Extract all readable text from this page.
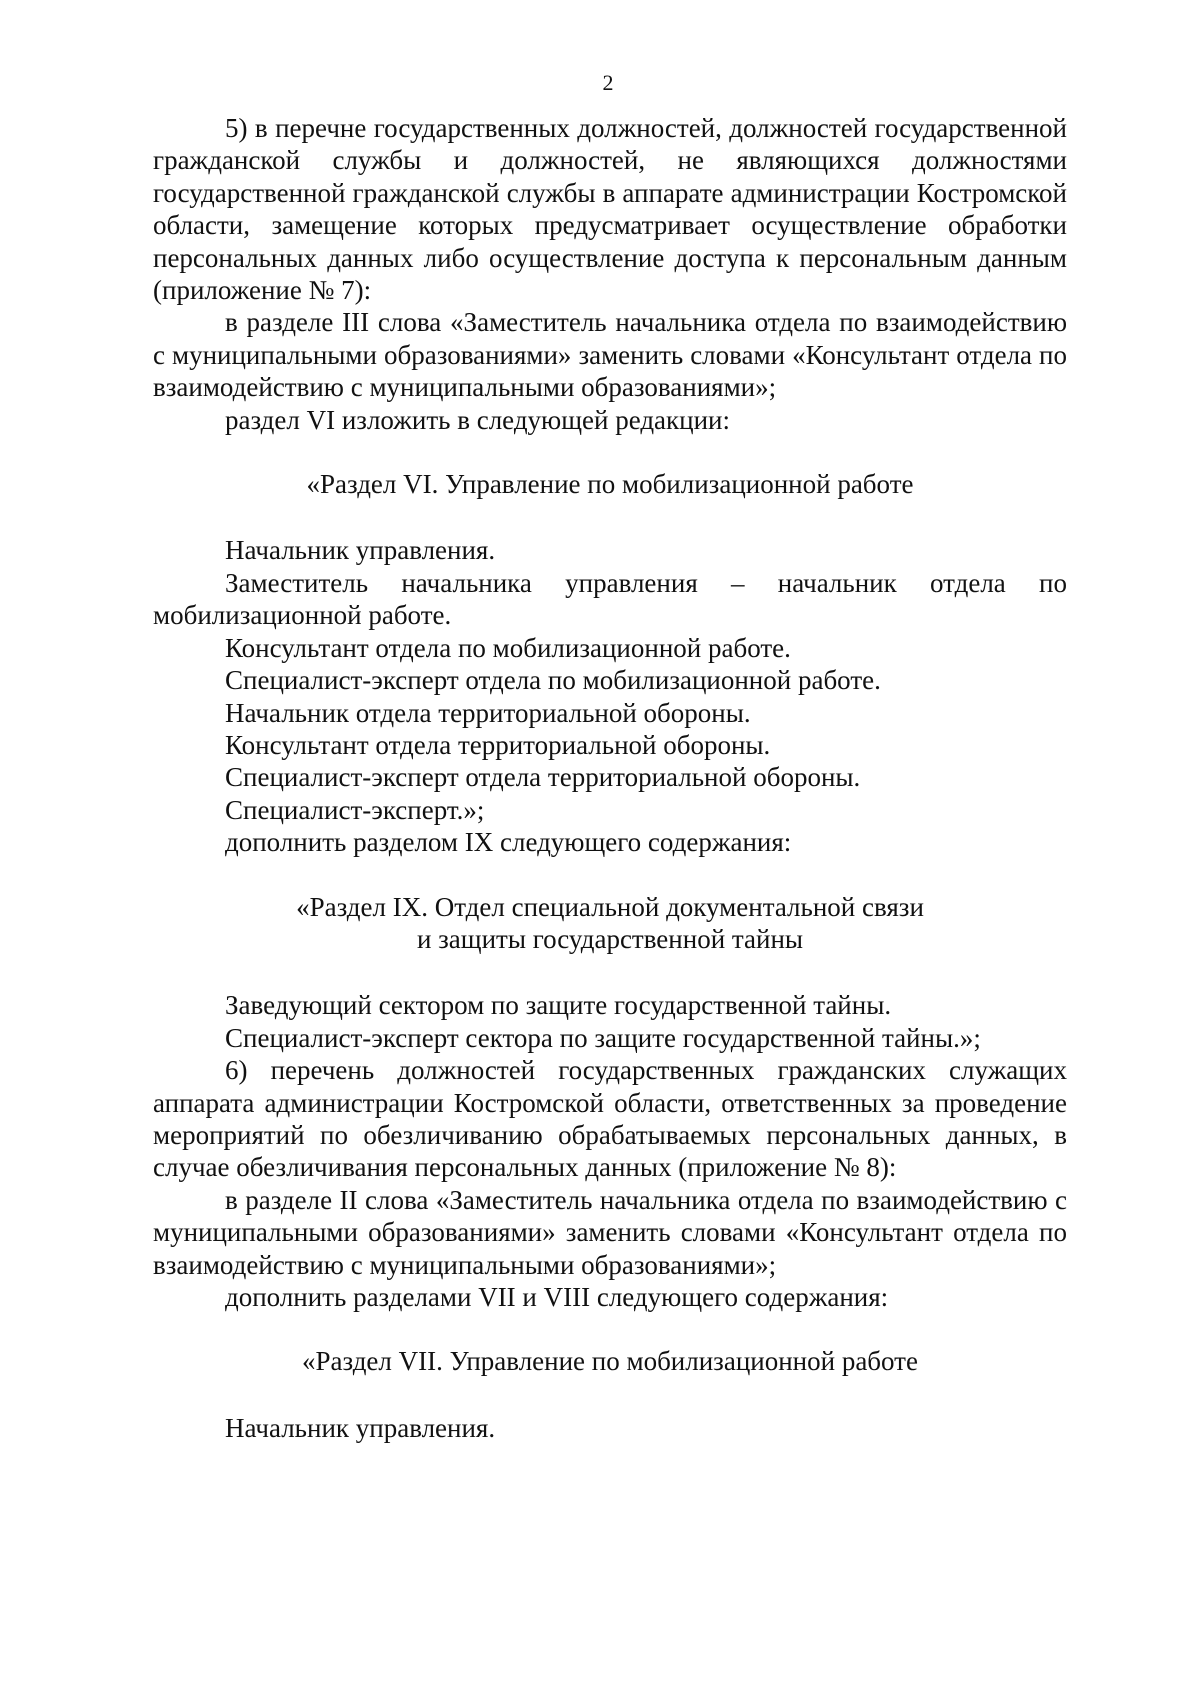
2

5) в перечне государственных должностей, должностей государственной гражданской службы и должностей, не являющихся должностями государственной гражданской службы в аппарате администрации Костромской области, замещение которых предусматривает осуществление обработки персональных данных либо осуществление доступа к персональным данным (приложение № 7):

в разделе III слова «Заместитель начальника отдела по взаимодействию с муниципальными образованиями» заменить словами «Консультант отдела по взаимодействию с муниципальными образованиями»;

раздел VI изложить в следующей редакции:

«Раздел VI. Управление по мобилизационной работе

Начальник управления.

Заместитель начальника управления – начальник отдела по мобилизационной работе.

Консультант отдела по мобилизационной работе.

Специалист-эксперт отдела по мобилизационной работе.

Начальник отдела территориальной обороны.

Консультант отдела территориальной обороны.

Специалист-эксперт отдела территориальной обороны.

Специалист-эксперт.»;

дополнить разделом IX следующего содержания:

«Раздел IX. Отдел специальной документальной связи

и защиты государственной тайны

Заведующий сектором по защите государственной тайны.

Специалист-эксперт сектора по защите государственной тайны.»;

6) перечень должностей государственных гражданских служащих аппарата администрации Костромской области, ответственных за проведение мероприятий по обезличиванию обрабатываемых персональных данных, в случае обезличивания персональных данных (приложение № 8):

в разделе II слова «Заместитель начальника отдела по взаимодействию с муниципальными образованиями» заменить словами «Консультант отдела по взаимодействию с муниципальными образованиями»;

дополнить разделами VII и VIII следующего содержания:

«Раздел VII. Управление по мобилизационной работе

Начальник управления.
